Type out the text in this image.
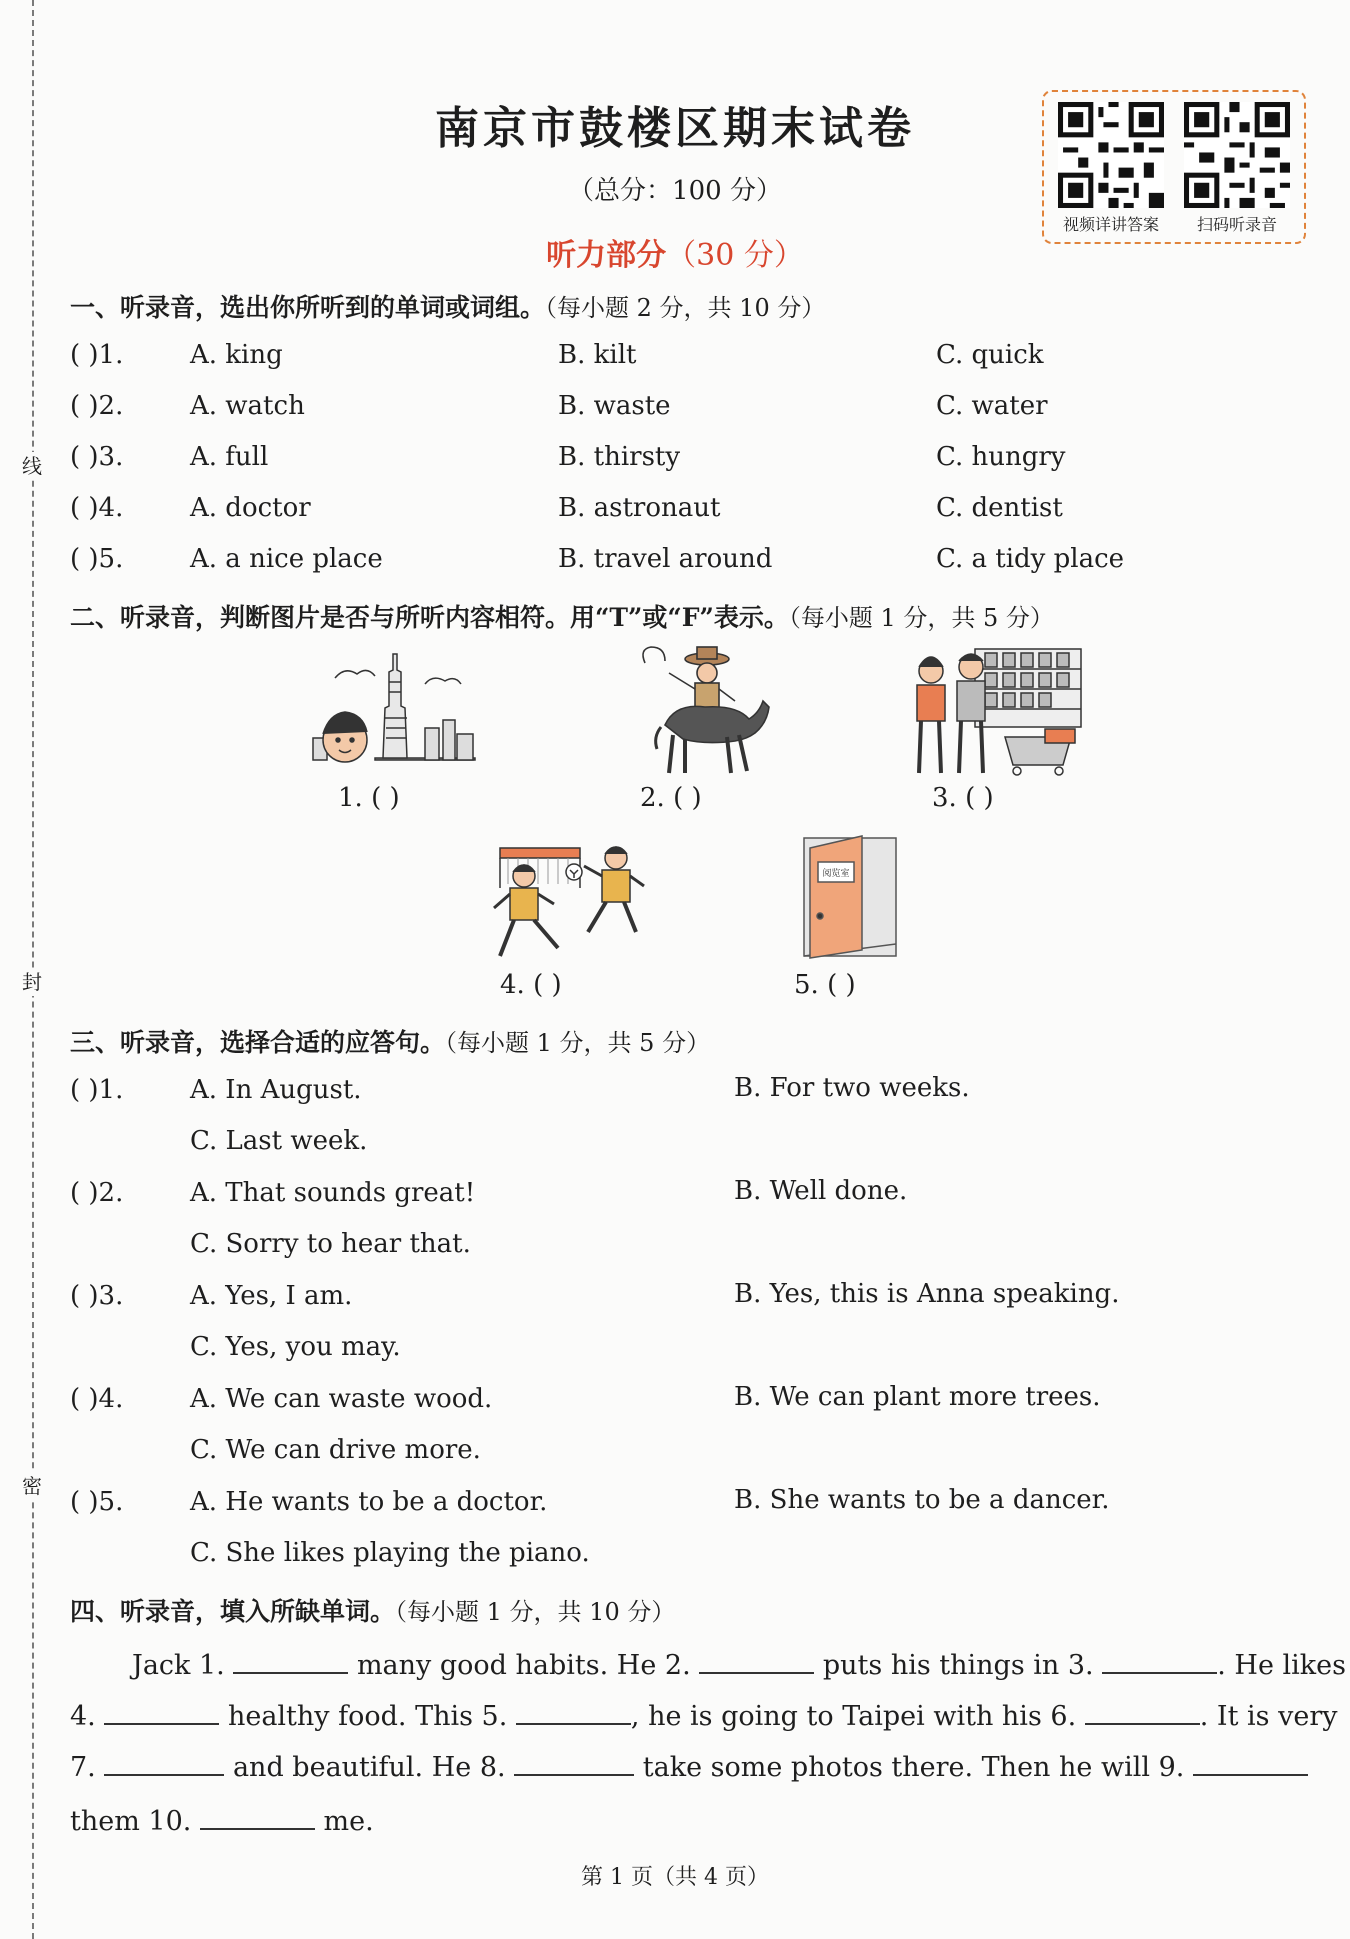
线
封
密
南京市鼓楼区期末试卷
（总分：100 分）
听力部分（30 分）
视频详讲答案	扫码听录音
一、听录音，选出你所听到的单词或词组。（每小题 2 分，共 10 分）
( )1.	A. king	B. kilt	C. quick
( )2.	A. watch	B. waste	C. water
( )3.	A. full	B. thirsty	C. hungry
( )4.	A. doctor	B. astronaut	C. dentist
( )5.	A. a nice place	B. travel around	C. a tidy place
二、听录音，判断图片是否与所听内容相符。用“T”或“F”表示。（每小题 1 分，共 5 分）
1. ( )	2. ( )	3. ( )
4. ( )
阅览室
5. ( )
三、听录音，选择合适的应答句。（每小题 1 分，共 5 分）
( )1.	A. In August.	B. For two weeks.
C. Last week.
( )2.	A. That sounds great!	B. Well done.
C. Sorry to hear that.
( )3.	A. Yes, I am.	B. Yes, this is Anna speaking.
C. Yes, you may.
( )4.	A. We can waste wood.	B. We can plant more trees.
C. We can drive more.
( )5.	A. He wants to be a doctor.	B. She wants to be a dancer.
C. She likes playing the piano.
四、听录音，填入所缺单词。（每小题 1 分，共 10 分）
Jack 1.	many good habits. He 2.	puts his things in 3.	. He likes
4.	healthy food. This 5.	, he is going to Taipei with his 6.	. It is very
7.	and beautiful. He 8.	take some photos there. Then he will 9.
them 10.	me.
第 1 页（共 4 页）
